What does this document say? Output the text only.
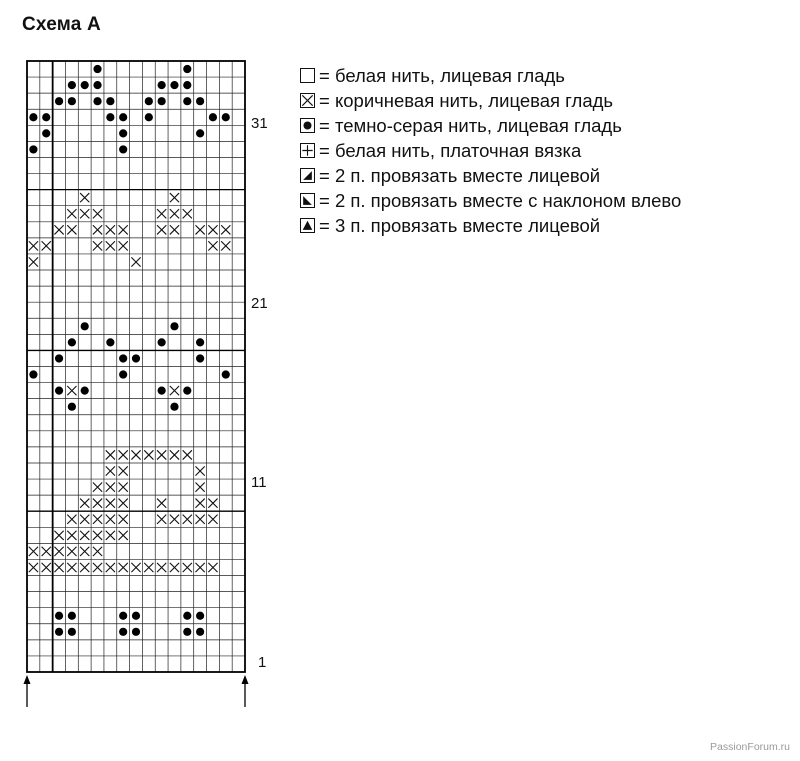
Схема А
31
21
11
1
= белая нить, лицевая гладь
= коричневая нить, лицевая гладь
= темно-серая нить, лицевая гладь
= белая нить, платочная вязка
= 2 п. провязать вместе лицевой
= 2 п. провязать вместе с наклоном влево
= 3 п. провязать вместе лицевой
PassionForum.ru
